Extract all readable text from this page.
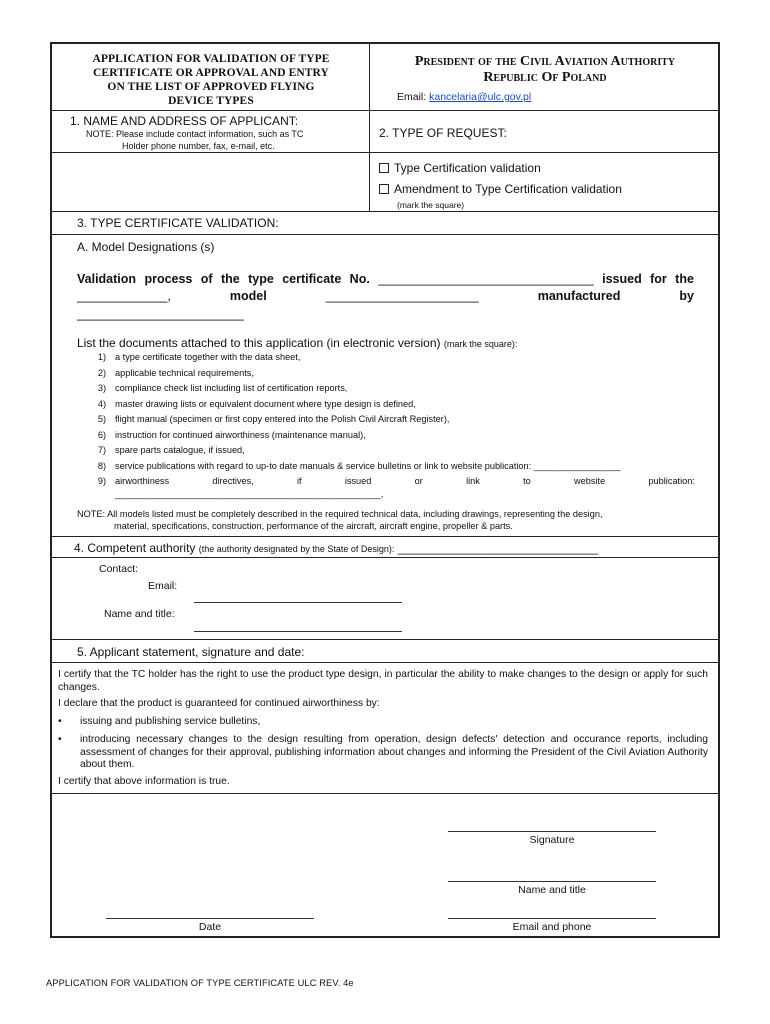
APPLICATION FOR VALIDATION OF TYPE
CERTIFICATE OR APPROVAL AND ENTRY
ON THE LIST OF APPROVED FLYING
DEVICE TYPES
President of the Civil Aviation Authority
Republic Of Poland
Email: kancelaria@ulc.gov.pl
1. NAME AND ADDRESS OF APPLICANT:
NOTE: Please include contact information, such as TC
Holder phone number, fax, e-mail, etc.
2. TYPE OF REQUEST:
Type Certification validation
Amendment to Type Certification validation
(mark the square)
3. TYPE CERTIFICATE VALIDATION:
A. Model Designations (s)
Validation process of the type certificate No. _______________________________ issued for the
_____________,	model	______________________	manufactured	by
________________________
List the documents attached to this application (in electronic version) (mark the square):
1) a type certificate together with the data sheet,
2) applicable technical requirements,
3) compliance check list including list of certification reports,
4) master drawing lists or equivalent document where type design is defined,
5) flight manual (specimen or first copy entered into the Polish Civil Aircraft Register),
6) instruction for continued airworthiness (maintenance manual),
7) spare parts catalogue, if issued,
8) service publications with regard to up-to date manuals & service bulletins or link to website publication: _________________
9) airworthiness	directives,	if	issued	or	link	to	website	publication:
____________________________________________________,
NOTE: All models listed must be completely described in the required technical data, including drawings, representing the design,
material, specifications, construction, performance of the aircraft, aircraft engine, propeller & parts.
4. Competent authority (the authority designated by the State of Design): ______________________________
Contact:
Email:
Name and title:
5. Applicant statement, signature and date:
I certify that the TC holder has the right to use the product type design, in particular the ability to make changes to the design or apply for such changes.
I declare that the product is guaranteed for continued airworthiness by:
• issuing and publishing service bulletins,
• introducing necessary changes to the design resulting from operation, design defects' detection and occurance reports, including assessment of changes for their approval, publishing information about changes and informing the President of the Civil Aviation Authority about them.
I certify that above information is true.
Signature
Name and title
Date	Email and phone
APPLICATION FOR VALIDATION OF TYPE CERTIFICATE ULC REV. 4e
